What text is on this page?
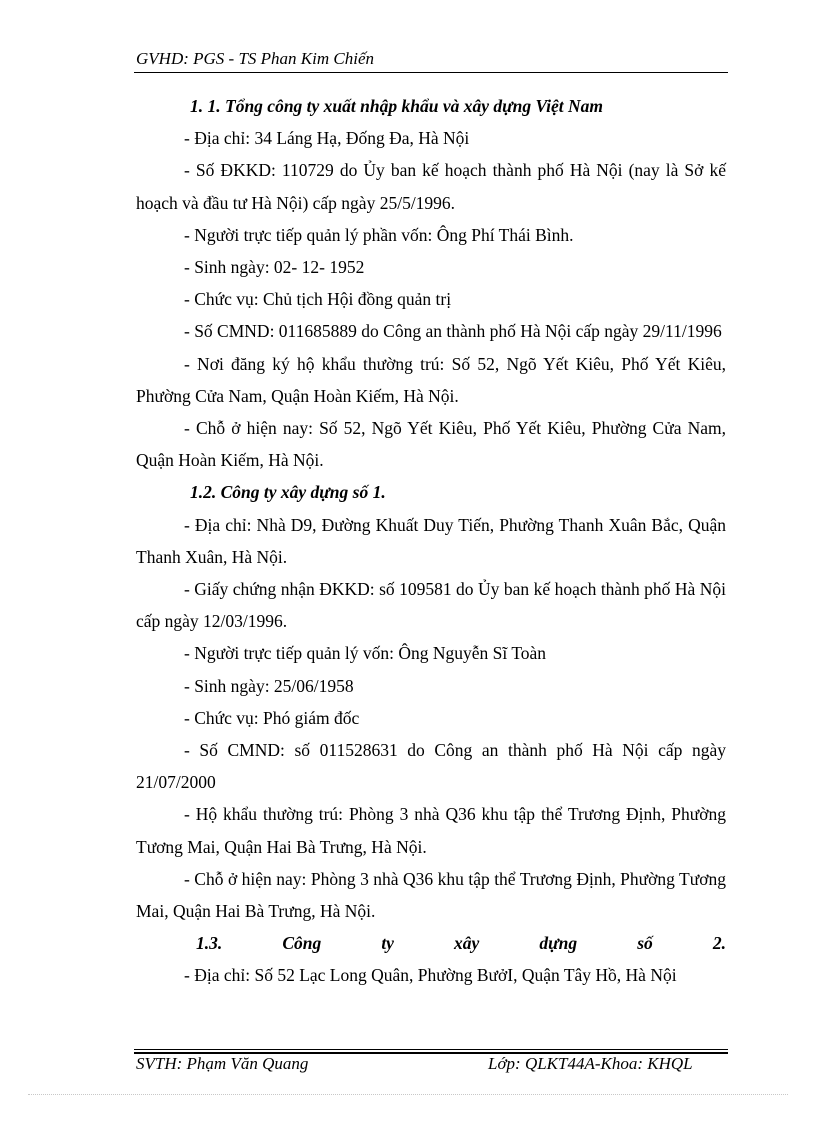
GVHD: PGS - TS Phan Kim Chiến

1. 1. Tổng công ty xuất nhập khẩu và xây dựng Việt Nam

- Địa chỉ: 34 Láng Hạ, Đống Đa, Hà Nội

- Số ĐKKD: 110729 do Ủy ban kế hoạch thành phố Hà Nội (nay là Sở kế hoạch và đầu tư Hà Nội) cấp ngày 25/5/1996.

- Người trực tiếp quản lý phần vốn: Ông Phí Thái Bình.

- Sinh ngày: 02- 12- 1952

- Chức vụ: Chủ tịch Hội đồng quản trị

- Số CMND: 011685889 do Công an thành phố Hà Nội cấp ngày 29/11/1996

- Nơi đăng ký hộ khẩu thường trú: Số 52, Ngõ Yết Kiêu, Phố Yết Kiêu, Phường Cửa Nam, Quận Hoàn Kiếm, Hà Nội.

- Chỗ ở hiện nay: Số 52, Ngõ Yết Kiêu, Phố Yết Kiêu, Phường Cửa Nam, Quận Hoàn Kiếm, Hà Nội.

1.2. Công ty xây dựng số 1.

- Địa chỉ: Nhà D9, Đường Khuất Duy Tiến, Phường Thanh Xuân Bắc, Quận Thanh Xuân, Hà Nội.

- Giấy chứng nhận ĐKKD: số 109581 do Ủy ban kế hoạch thành phố Hà Nội cấp ngày 12/03/1996.

- Người trực tiếp quản lý vốn: Ông Nguyễn Sĩ Toàn

- Sinh ngày: 25/06/1958

- Chức vụ: Phó giám đốc

- Số CMND: số 011528631 do Công an thành phố Hà Nội cấp ngày 21/07/2000

- Hộ khẩu thường trú: Phòng 3 nhà Q36 khu tập thể Trương Định, Phường Tương Mai, Quận Hai Bà Trưng, Hà Nội.

- Chỗ ở hiện nay: Phòng 3 nhà Q36 khu tập thể Trương Định, Phường Tương Mai, Quận Hai Bà Trưng, Hà Nội.

1.3.	Công	ty	xây	dựng	số	2.

- Địa chỉ: Số 52 Lạc Long Quân, Phường BưởI, Quận Tây Hồ, Hà Nội

SVTH: Phạm Văn Quang	Lớp: QLKT44A-Khoa: KHQL
